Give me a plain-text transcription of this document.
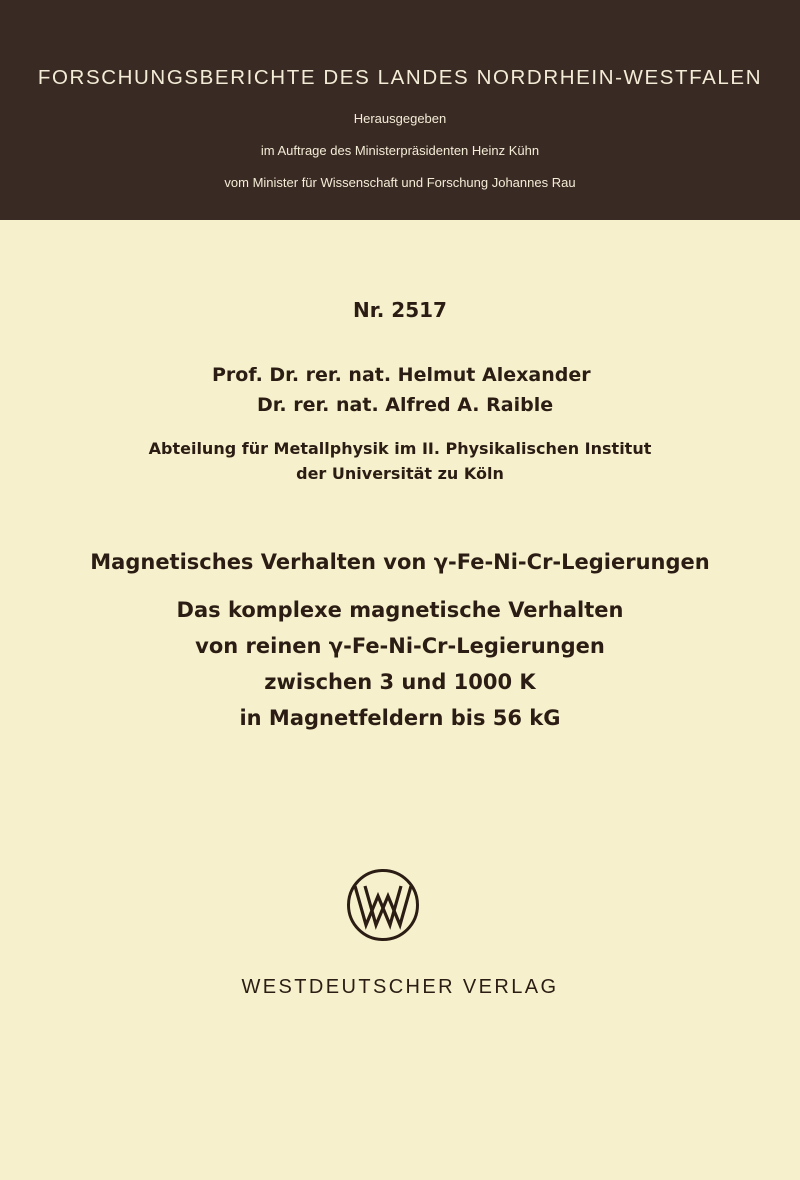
FORSCHUNGSBERICHTE DES LANDES NORDRHEIN-WESTFALEN
Herausgegeben
im Auftrage des Ministerpräsidenten Heinz Kühn
vom Minister für Wissenschaft und Forschung Johannes Rau
Nr. 2517
Prof. Dr. rer. nat. Helmut Alexander
Dr. rer. nat. Alfred A. Raible
Abteilung für Metallphysik im II. Physikalischen Institut
der Universität zu Köln
Magnetisches Verhalten von γ-Fe-Ni-Cr-Legierungen
Das komplexe magnetische Verhalten
von reinen γ-Fe-Ni-Cr-Legierungen
zwischen 3 und 1000 K
in Magnetfeldern bis 56 kG
WESTDEUTSCHER VERLAG
